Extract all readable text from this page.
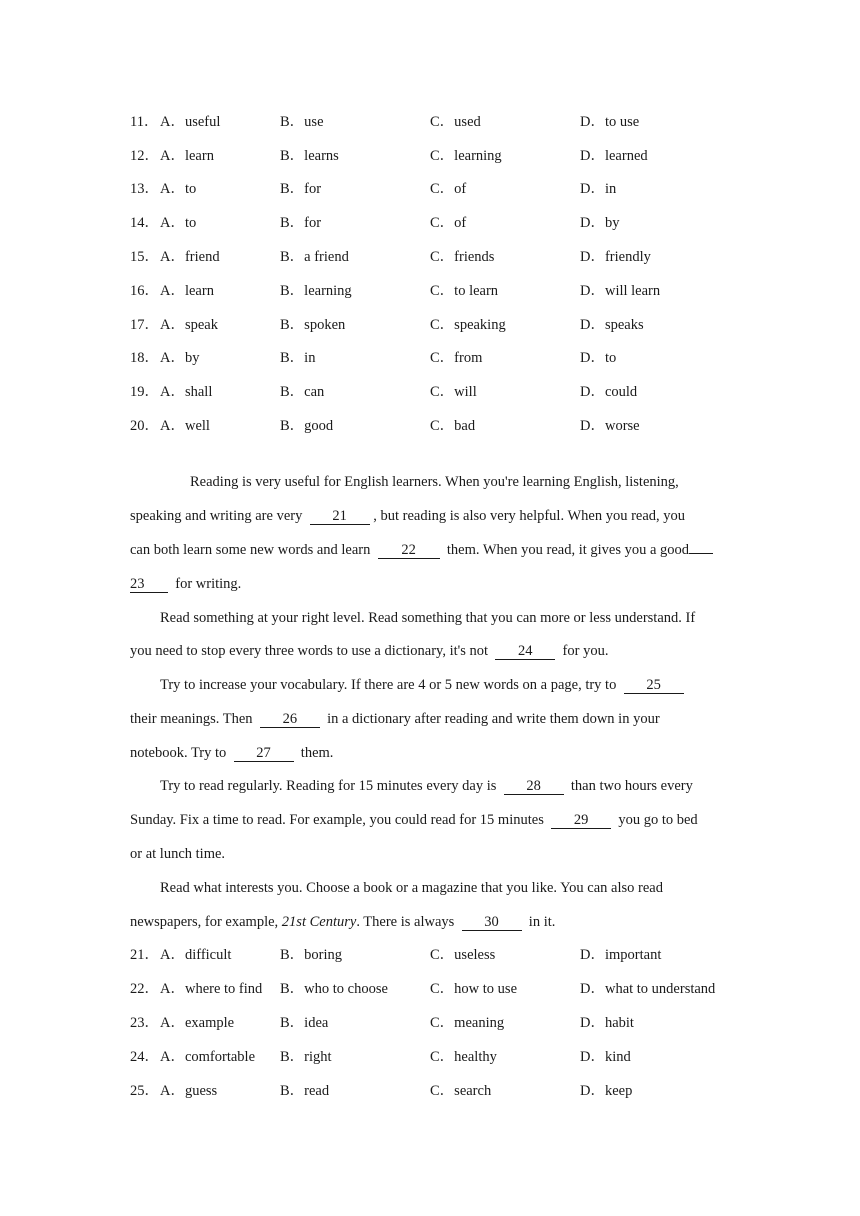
11． A．useful	B．use	C．used	D．to use
12． A．learn	B．learns	C．learning	D．learned
13． A．to	B．for	C．of	D．in
14． A．to	B．for	C．of	D．by
15． A．friend	B．a friend	C．friends	D．friendly
16． A．learn	B．learning	C．to learn	D．will learn
17． A．speak	B．spoken	C．speaking	D．speaks
18． A．by	B．in	C．from	D．to
19． A．shall	B．can	C．will	D．could
20． A．well	B．good	C．bad	D．worse
Reading is very useful for English learners. When you're learning English, listening,
speaking and writing are very 21 , but reading is also very helpful. When you read, you
can both learn some new words and learn 22 them. When you read, it gives you a good
23 for writing.
Read something at your right level. Read something that you can more or less understand. If
you need to stop every three words to use a dictionary, it's not 24 for you.
Try to increase your vocabulary. If there are 4 or 5 new words on a page, try to 25
their meanings. Then 26 in a dictionary after reading and write them down in your
notebook. Try to 27 them.
Try to read regularly. Reading for 15 minutes every day is 28 than two hours every
Sunday. Fix a time to read. For example, you could read for 15 minutes 29 you go to bed
or at lunch time.
Read what interests you. Choose a book or a magazine that you like. You can also read
newspapers, for example, 21st Century. There is always 30 in it.
21． A．difficult	B．boring	C．useless	D．important
22． A．where to find B．who to choose	C．how to use	D．what to understand
23． A．example	B．idea	C．meaning	D．habit
24． A．comfortable B．right	C．healthy	D．kind
25． A．guess	B．read	C．search	D．keep
